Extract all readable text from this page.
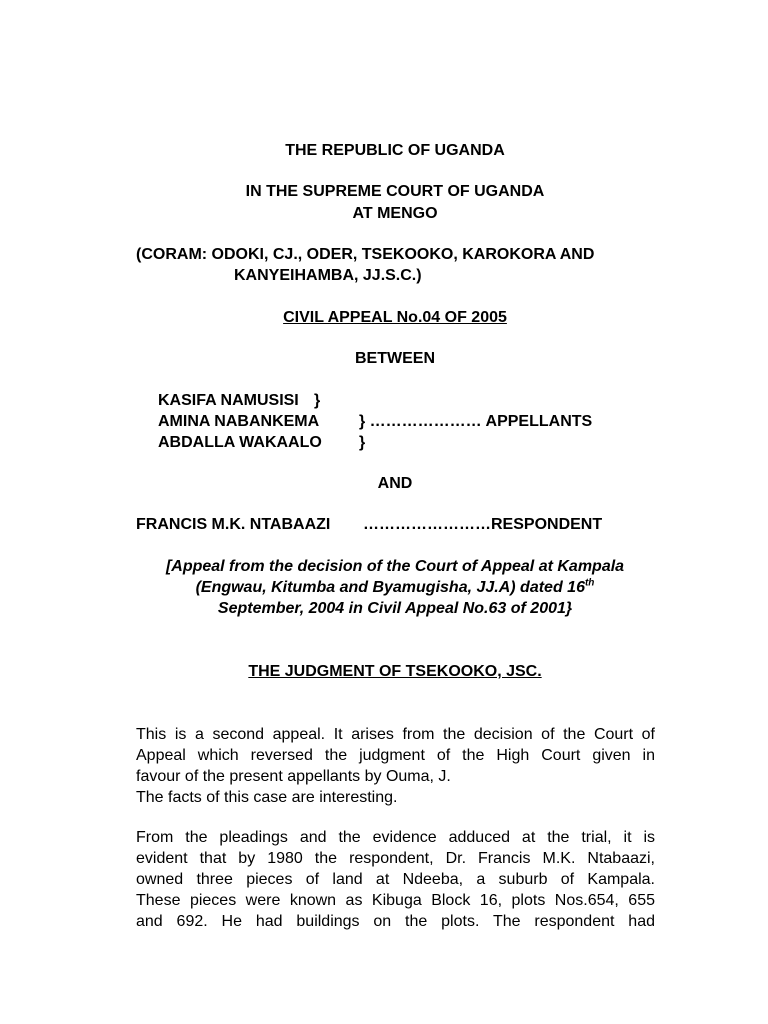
THE REPUBLIC OF UGANDA
IN THE SUPREME COURT OF UGANDA
AT MENGO
(CORAM: ODOKI, CJ., ODER, TSEKOOKO, KAROKORA AND
KANYEIHAMBA, JJ.S.C.)
CIVIL APPEAL No.04 OF 2005
BETWEEN
KASIFA NAMUSISI }
AMINA NABANKEMA } ………………… APPELLANTS
ABDALLA WAKAALO }
AND
FRANCIS M.K. NTABAAZI ……………………RESPONDENT
[Appeal from the decision of the Court of Appeal at Kampala
(Engwau, Kitumba and Byamugisha, JJ.A) dated 16th
September, 2004 in Civil Appeal No.63 of 2001}
THE JUDGMENT OF TSEKOOKO, JSC.
This is a second appeal. It arises from the decision of the Court of
Appeal which reversed the judgment of the High Court given in
favour of the present appellants by Ouma, J.
The facts of this case are interesting.
From the pleadings and the evidence adduced at the trial, it is
evident that by 1980 the respondent, Dr. Francis M.K. Ntabaazi,
owned three pieces of land at Ndeeba, a suburb of Kampala.
These pieces were known as Kibuga Block 16, plots Nos.654, 655
and 692. He had buildings on the plots. The respondent had
